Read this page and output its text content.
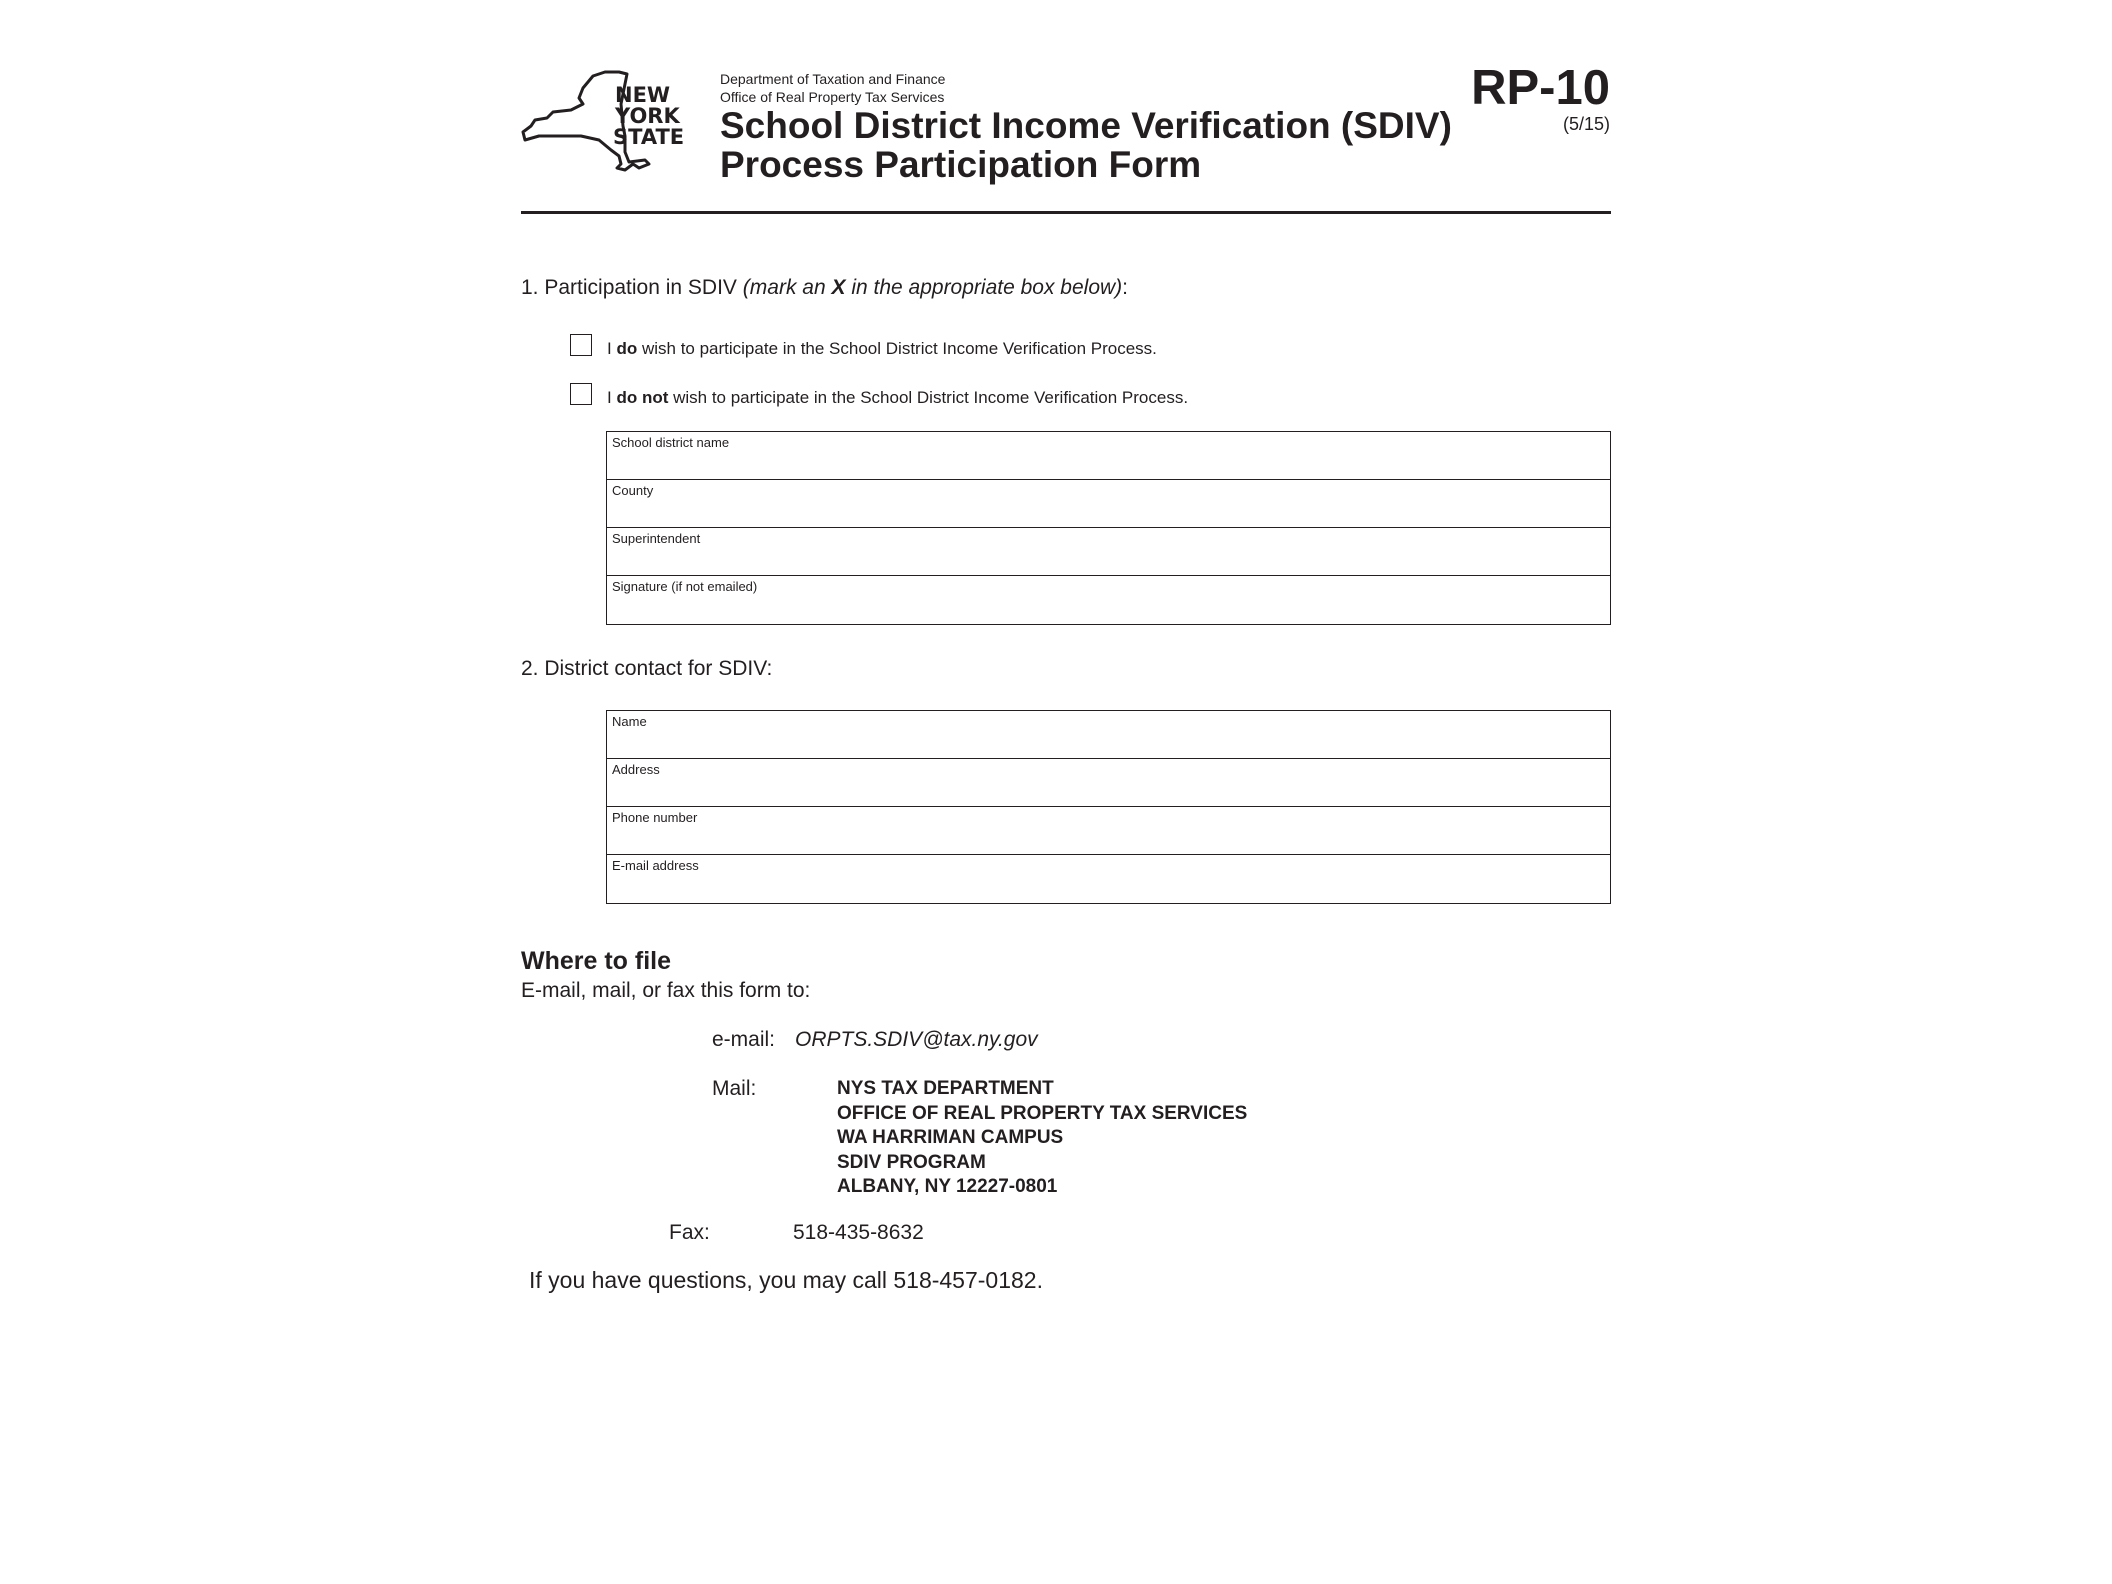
NEW
YORK
STATE
Department of Taxation and Finance
Office of Real Property Tax Services
School District Income Verification (SDIV)
Process Participation Form
RP-10
(5/15)
1. Participation in SDIV (mark an X in the appropriate box below):
I do wish to participate in the School District Income Verification Process.
I do not wish to participate in the School District Income Verification Process.
School district name
County
Superintendent
Signature (if not emailed)
2. District contact for SDIV:
Name
Address
Phone number
E-mail address
Where to file
E-mail, mail, or fax this form to:
e-mail: ORPTS.SDIV@tax.ny.gov
Mail:	NYS TAX DEPARTMENT
OFFICE OF REAL PROPERTY TAX SERVICES
WA HARRIMAN CAMPUS
SDIV PROGRAM
ALBANY, NY 12227-0801
Fax:	518-435-8632
If you have questions, you may call 518-457-0182.
